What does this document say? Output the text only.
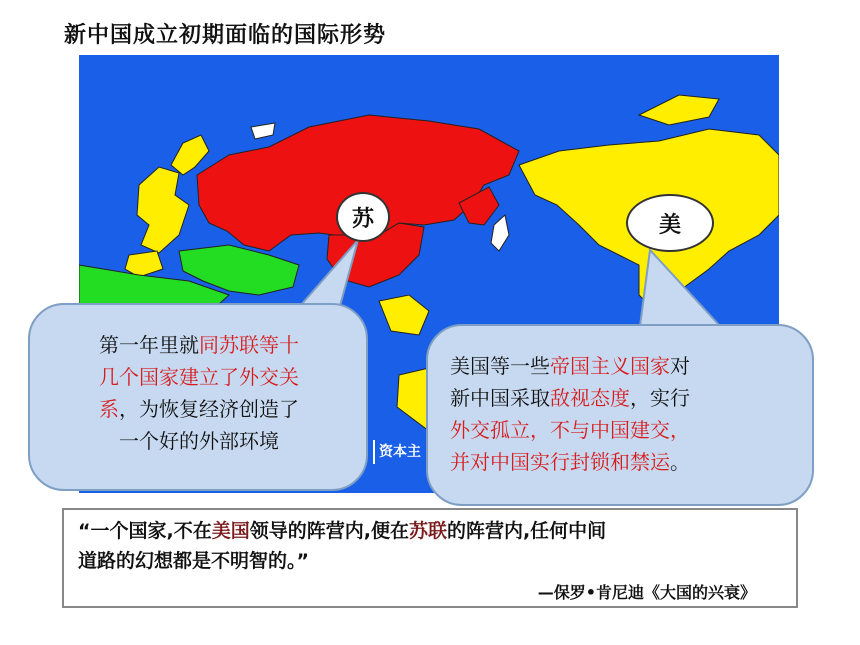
新中国成立初期面临的国际形势
资本主
苏	美
第一年里就同苏联等十
几个国家建立了外交关
系，为恢复经济创造了
一个好的外部环境
美国等一些帝国主义国家对
新中国采取敌视态度，实行
外交孤立，不与中国建交，
并对中国实行封锁和禁运。
“一个国家,不在美国领导的阵营内,便在苏联的阵营内,任何中间
道路的幻想都是不明智的。”
—保罗•肯尼迪《大国的兴衰》
